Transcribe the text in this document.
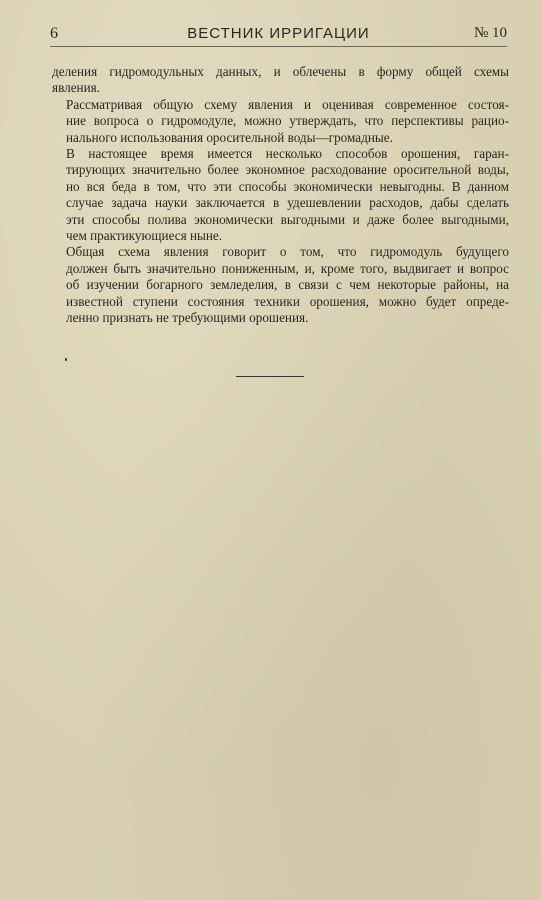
6	ВЕСТНИК ИРРИГАЦИИ	№ 10

деления гидромодульных данных, и облечены в форму общей схемы
явления.

Рассматривая общую схему явления и оценивая современное состоя-
ние вопроса о гидромодуле, можно утверждать, что перспективы рацио-
нального использования оросительной воды—громадные.

В настоящее время имеется несколько способов орошения, гаран-
тирующих значительно более экономное расходование оросительной воды,
но вся беда в том, что эти способы экономически невыгодны. В данном
случае задача науки заключается в удешевлении расходов, дабы сделать
эти способы полива экономически выгодными и даже более выгодными,
чем практикующиеся ныне.

Общая схема явления говорит о том, что гидромодуль будущего
должен быть значительно пониженным, и, кроме того, выдвигает и вопрос
об изучении богарного земледелия, в связи с чем некоторые районы, на
известной ступени состояния техники орошения, можно будет опреде-
ленно признать не требующими орошения.
